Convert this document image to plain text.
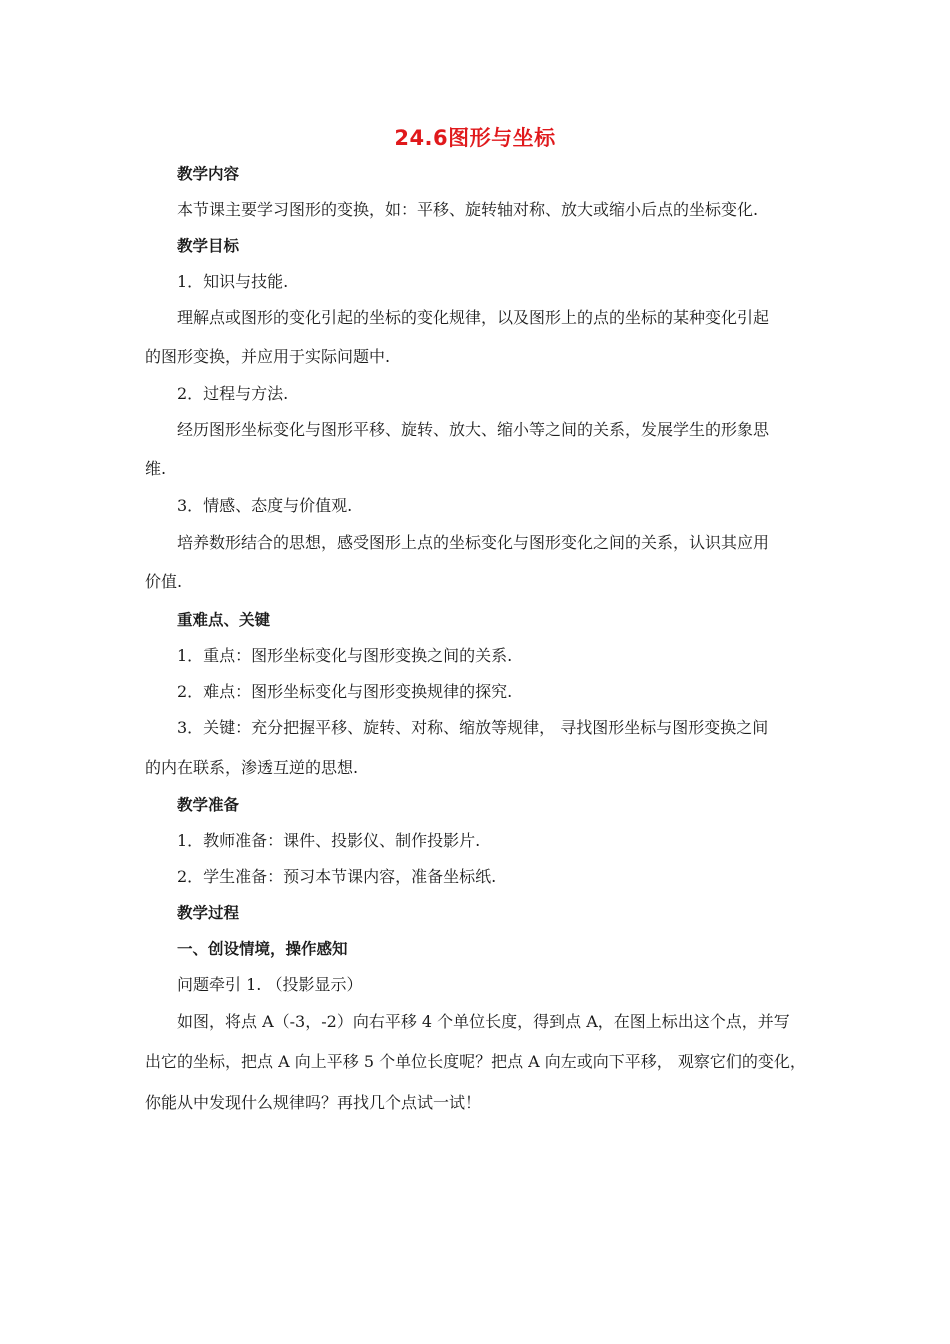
24.6图形与坐标
教学内容
本节课主要学习图形的变换，如：平移、旋转轴对称、放大或缩小后点的坐标变化.
教学目标
1．知识与技能.
理解点或图形的变化引起的坐标的变化规律，以及图形上的点的坐标的某种变化引起
的图形变换，并应用于实际问题中.
2．过程与方法.
经历图形坐标变化与图形平移、旋转、放大、缩小等之间的关系，发展学生的形象思
维.
3．情感、态度与价值观.
培养数形结合的思想，感受图形上点的坐标变化与图形变化之间的关系，认识其应用
价值.
重难点、关键
1．重点：图形坐标变化与图形变换之间的关系.
2．难点：图形坐标变化与图形变换规律的探究.
3．关键：充分把握平移、旋转、对称、缩放等规律， 寻找图形坐标与图形变换之间
的内在联系，渗透互逆的思想.
教学准备
1．教师准备：课件、投影仪、制作投影片.
2．学生准备：预习本节课内容，准备坐标纸.
教学过程
一、创设情境，操作感知
问题牵引 1. （投影显示）
如图，将点 A（-3，-2）向右平移 4 个单位长度，得到点 A，在图上标出这个点，并写
出它的坐标，把点 A 向上平移 5 个单位长度呢？把点 A 向左或向下平移， 观察它们的变化，
你能从中发现什么规律吗？再找几个点试一试！
